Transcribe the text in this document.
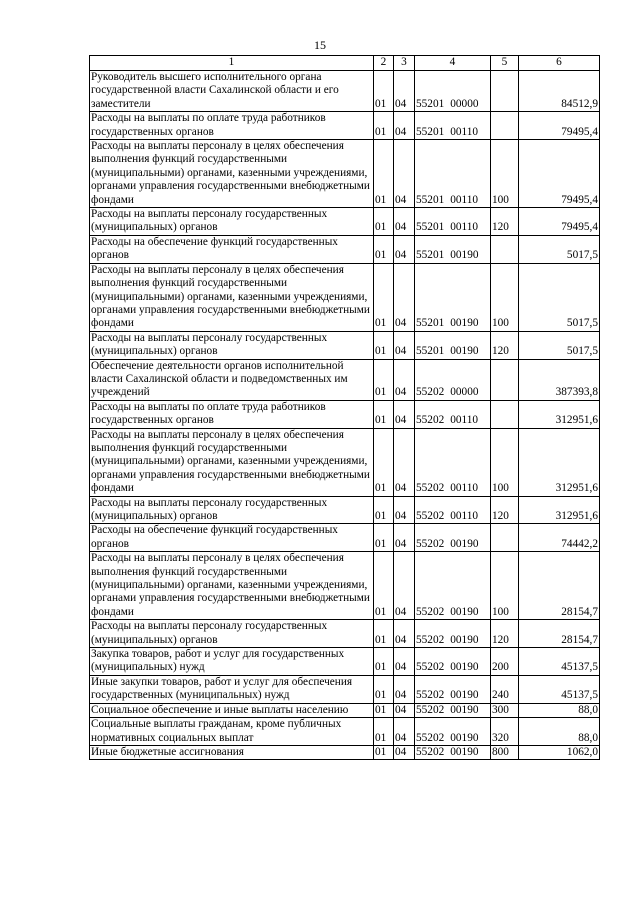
15
1	2	3	4	5	6
Руководитель высшего исполнительного органа государственной власти Сахалинской области и его заместители	01	04	55201 00000		84512,9
Расходы на выплаты по оплате труда работников государственных органов	01	04	55201 00110		79495,4
Расходы на выплаты персоналу в целях обеспечения выполнения функций государственными (муниципальными) органами, казенными учреждениями, органами управления государственными внебюджетными фондами	01	04	55201 00110	100	79495,4
Расходы на выплаты персоналу государственных (муниципальных) органов	01	04	55201 00110	120	79495,4
Расходы на обеспечение функций государственных органов	01	04	55201 00190		5017,5
Расходы на выплаты персоналу в целях обеспечения выполнения функций государственными (муниципальными) органами, казенными учреждениями, органами управления государственными внебюджетными фондами	01	04	55201 00190	100	5017,5
Расходы на выплаты персоналу государственных (муниципальных) органов	01	04	55201 00190	120	5017,5
Обеспечение деятельности органов исполнительной власти Сахалинской области и подведомственных им учреждений	01	04	55202 00000		387393,8
Расходы на выплаты по оплате труда работников государственных органов	01	04	55202 00110		312951,6
Расходы на выплаты персоналу в целях обеспечения выполнения функций государственными (муниципальными) органами, казенными учреждениями, органами управления государственными внебюджетными фондами	01	04	55202 00110	100	312951,6
Расходы на выплаты персоналу государственных (муниципальных) органов	01	04	55202 00110	120	312951,6
Расходы на обеспечение функций государственных органов	01	04	55202 00190		74442,2
Расходы на выплаты персоналу в целях обеспечения выполнения функций государственными (муниципальными) органами, казенными учреждениями, органами управления государственными внебюджетными фондами	01	04	55202 00190	100	28154,7
Расходы на выплаты персоналу государственных (муниципальных) органов	01	04	55202 00190	120	28154,7
Закупка товаров, работ и услуг для государственных (муниципальных) нужд	01	04	55202 00190	200	45137,5
Иные закупки товаров, работ и услуг для обеспечения государственных (муниципальных) нужд	01	04	55202 00190	240	45137,5
Социальное обеспечение и иные выплаты населению	01	04	55202 00190	300	88,0
Социальные выплаты гражданам, кроме публичных нормативных социальных выплат	01	04	55202 00190	320	88,0
Иные бюджетные ассигнования	01	04	55202 00190	800	1062,0
